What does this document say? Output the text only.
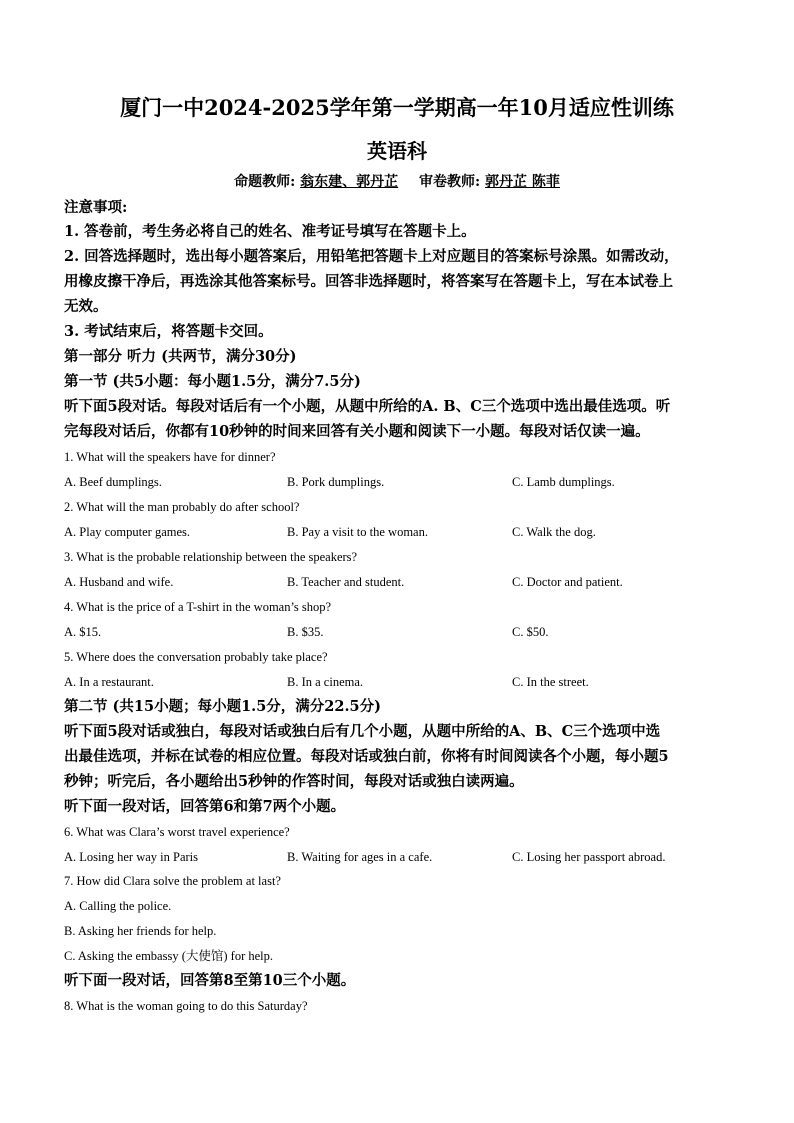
厦门一中2024-2025学年第一学期高一年10月适应性训练
英语科
命题教师: 翁东建、郭丹芷 审卷教师: 郭丹芷 陈菲
注意事项:
1. 答卷前，考生务必将自己的姓名、准考证号填写在答题卡上。
2. 回答选择题时，选出每小题答案后，用铅笔把答题卡上对应题目的答案标号涂黑。如需改动，
用橡皮擦干净后，再选涂其他答案标号。回答非选择题时，将答案写在答题卡上，写在本试卷上
无效。
3. 考试结束后，将答题卡交回。
第一部分 听力 (共两节，满分30分)
第一节 (共5小题：每小题1.5分，满分7.5分)
听下面5段对话。每段对话后有一个小题，从题中所给的A. B、C三个选项中选出最佳选项。听
完每段对话后，你都有10秒钟的时间来回答有关小题和阅读下一小题。每段对话仅读一遍。
1. What will the speakers have for dinner?
A. Beef dumplings.	B. Pork dumplings.	C. Lamb dumplings.
2. What will the man probably do after school?
A. Play computer games.	B. Pay a visit to the woman.	C. Walk the dog.
3. What is the probable relationship between the speakers?
A. Husband and wife.	B. Teacher and student.	C. Doctor and patient.
4. What is the price of a T-shirt in the woman’s shop?
A. $15.	B. $35.	C. $50.
5. Where does the conversation probably take place?
A. In a restaurant.	B. In a cinema.	C. In the street.
第二节 (共15小题；每小题1.5分，满分22.5分)
听下面5段对话或独白，每段对话或独白后有几个小题，从题中所给的A、B、C三个选项中选
出最佳选项，并标在试卷的相应位置。每段对话或独白前，你将有时间阅读各个小题，每小题5
秒钟；听完后，各小题给出5秒钟的作答时间，每段对话或独白读两遍。
听下面一段对话，回答第6和第7两个小题。
6. What was Clara’s worst travel experience?
A. Losing her way in Paris	B. Waiting for ages in a cafe.	C. Losing her passport abroad.
7. How did Clara solve the problem at last?
A. Calling the police.
B. Asking her friends for help.
C. Asking the embassy (大使馆) for help.
听下面一段对话，回答第8至第10三个小题。
8. What is the woman going to do this Saturday?
